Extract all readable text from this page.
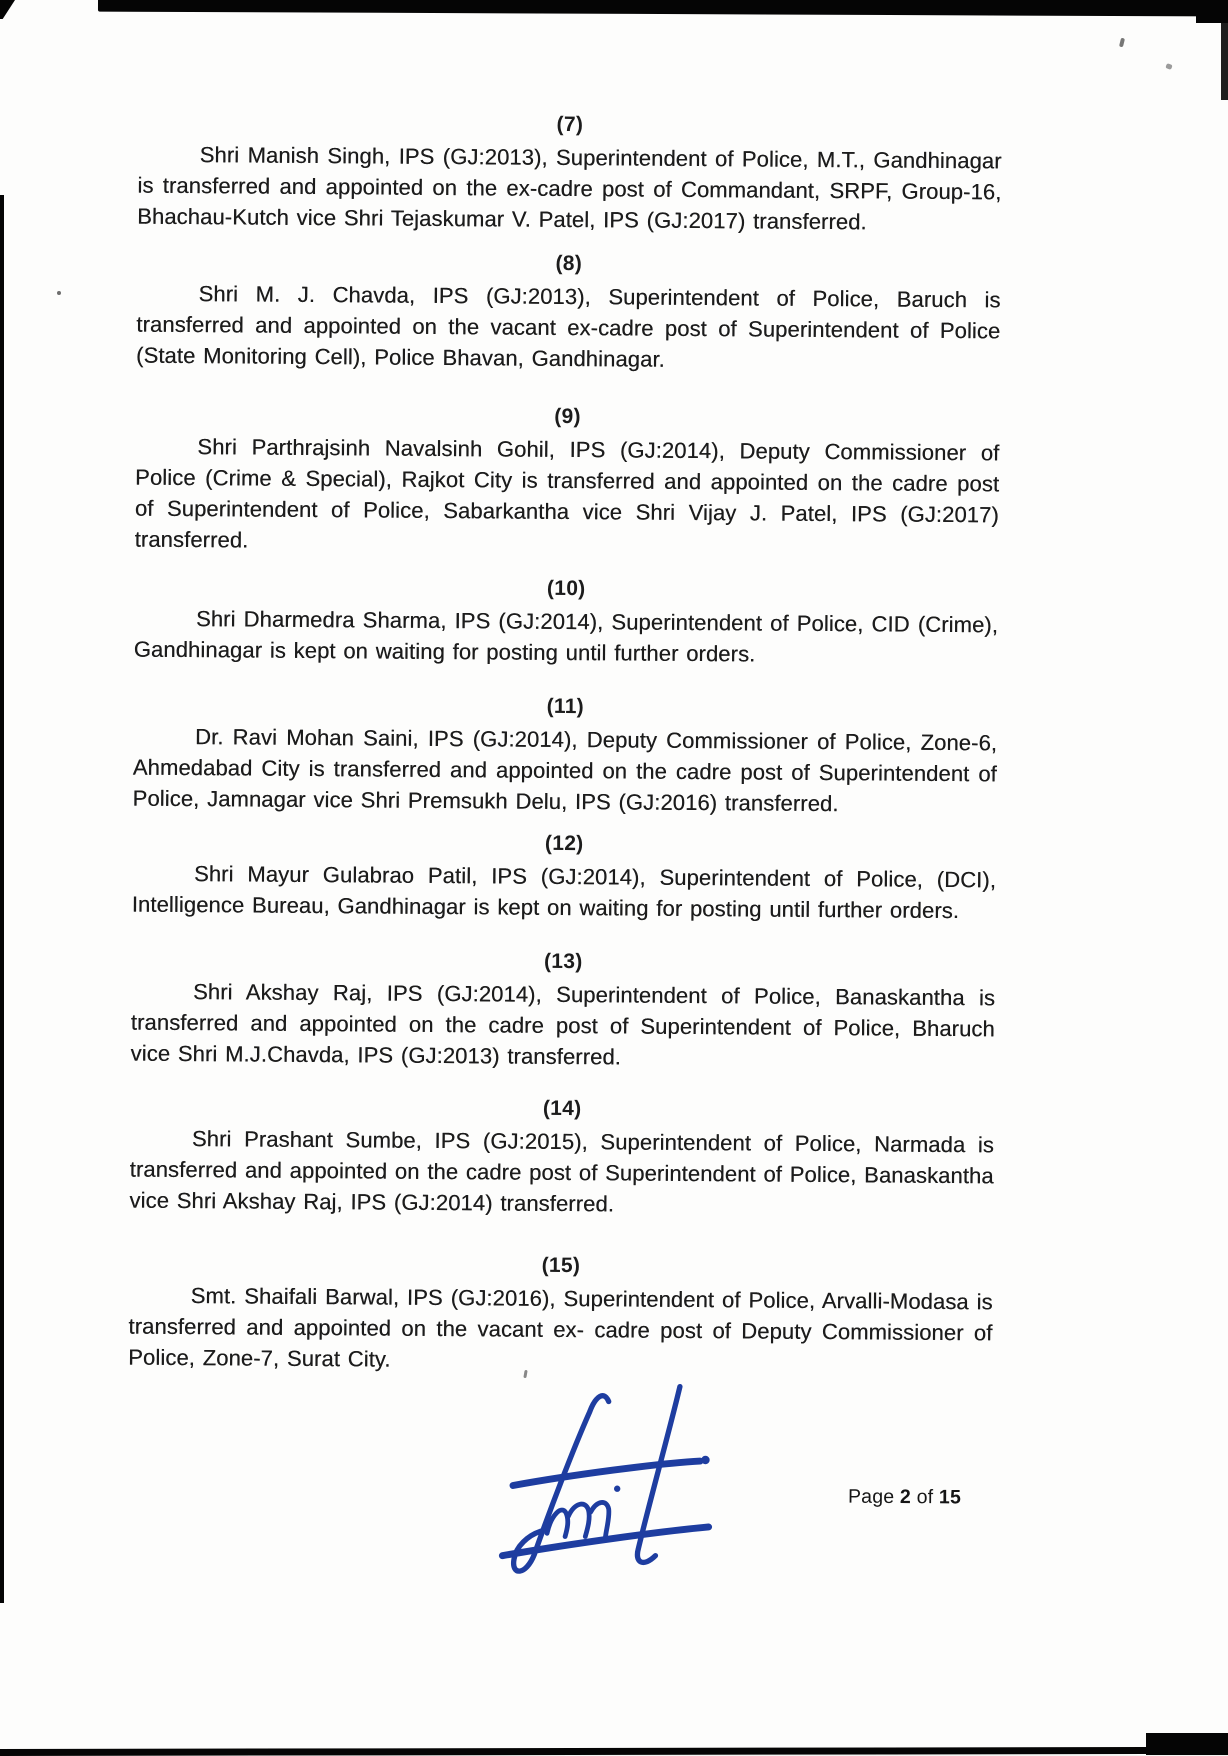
(7)

Shri Manish Singh, IPS (GJ:2013), Superintendent of Police, M.T., Gandhinagar is transferred and appointed on the ex-cadre post of Commandant, SRPF, Group-16, Bhachau-Kutch vice Shri Tejaskumar V. Patel, IPS (GJ:2017) transferred.

(8)

Shri M. J. Chavda, IPS (GJ:2013), Superintendent of Police, Baruch is transferred and appointed on the vacant ex-cadre post of Superintendent of Police (State Monitoring Cell), Police Bhavan, Gandhinagar.

(9)

Shri Parthrajsinh Navalsinh Gohil, IPS (GJ:2014), Deputy Commissioner of Police (Crime & Special), Rajkot City is transferred and appointed on the cadre post of Superintendent of Police, Sabarkantha vice Shri Vijay J. Patel, IPS (GJ:2017) transferred.

(10)

Shri Dharmedra Sharma, IPS (GJ:2014), Superintendent of Police, CID (Crime), Gandhinagar is kept on waiting for posting until further orders.

(11)

Dr. Ravi Mohan Saini, IPS (GJ:2014), Deputy Commissioner of Police, Zone-6, Ahmedabad City is transferred and appointed on the cadre post of Superintendent of Police, Jamnagar vice Shri Premsukh Delu, IPS (GJ:2016) transferred.

(12)

Shri Mayur Gulabrao Patil, IPS (GJ:2014), Superintendent of Police, (DCI), Intelligence Bureau, Gandhinagar is kept on waiting for posting until further orders.

(13)

Shri Akshay Raj, IPS (GJ:2014), Superintendent of Police, Banaskantha is transferred and appointed on the cadre post of Superintendent of Police, Bharuch vice Shri M.J.Chavda, IPS (GJ:2013) transferred.

(14)

Shri Prashant Sumbe, IPS (GJ:2015), Superintendent of Police, Narmada is transferred and appointed on the cadre post of Superintendent of Police, Banaskantha vice Shri Akshay Raj, IPS (GJ:2014) transferred.

(15)

Smt. Shaifali Barwal, IPS (GJ:2016), Superintendent of Police, Arvalli-Modasa is transferred and appointed on the vacant ex- cadre post of Deputy Commissioner of Police, Zone-7, Surat City.

Page 2 of 15
